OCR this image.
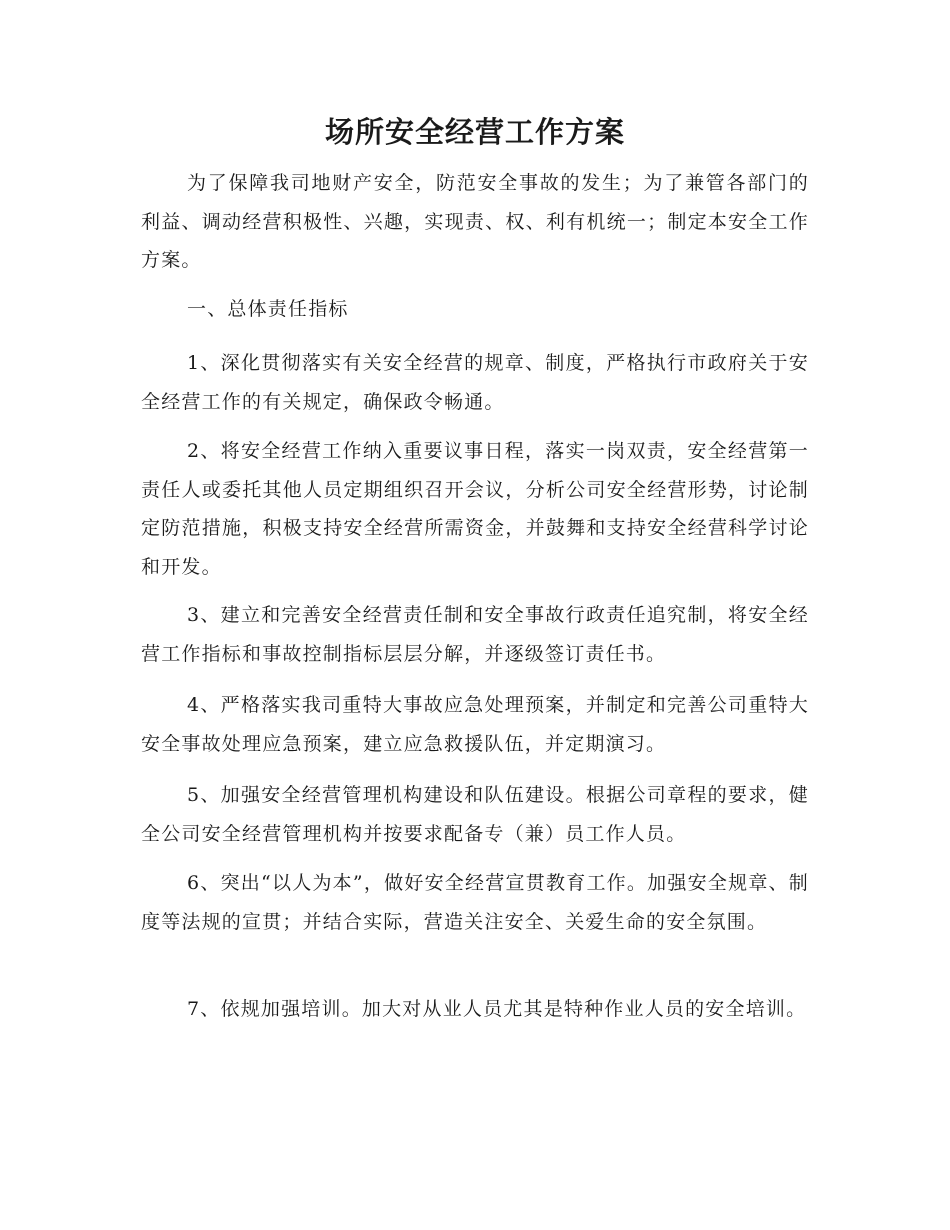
场所安全经营工作方案

为了保障我司地财产安全，防范安全事故的发生；为了兼管各部门的利益、调动经营积极性、兴趣，实现责、权、利有机统一；制定本安全工作方案。

一、总体责任指标

1、深化贯彻落实有关安全经营的规章、制度，严格执行市政府关于安全经营工作的有关规定，确保政令畅通。

2、将安全经营工作纳入重要议事日程，落实一岗双责，安全经营第一责任人或委托其他人员定期组织召开会议，分析公司安全经营形势，讨论制定防范措施，积极支持安全经营所需资金，并鼓舞和支持安全经营科学讨论和开发。

3、建立和完善安全经营责任制和安全事故行政责任追究制，将安全经营工作指标和事故控制指标层层分解，并逐级签订责任书。

4、严格落实我司重特大事故应急处理预案，并制定和完善公司重特大安全事故处理应急预案，建立应急救援队伍，并定期演习。

5、加强安全经营管理机构建设和队伍建设。根据公司章程的要求，健全公司安全经营管理机构并按要求配备专（兼）员工作人员。

6、突出“以人为本”，做好安全经营宣贯教育工作。加强安全规章、制度等法规的宣贯；并结合实际，营造关注安全、关爱生命的安全氛围。

7、依规加强培训。加大对从业人员尤其是特种作业人员的安全培训。
